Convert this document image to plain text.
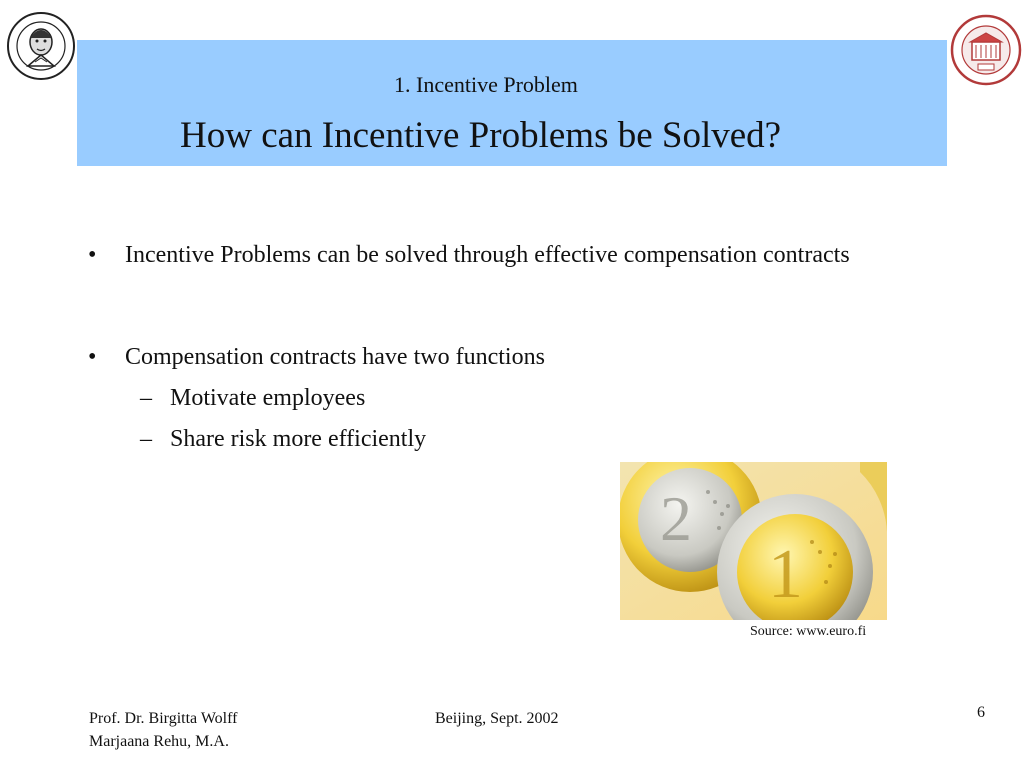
1. Incentive Problem
How can Incentive Problems be Solved?
• Incentive Problems can be solved through effective compensation contracts
• Compensation contracts have two functions
– Motivate employees
– Share risk more efficiently
2
1
Source: www.euro.fi
Prof. Dr. Birgitta Wolff
Marjaana Rehu, M.A.
Beijing, Sept. 2002	6
